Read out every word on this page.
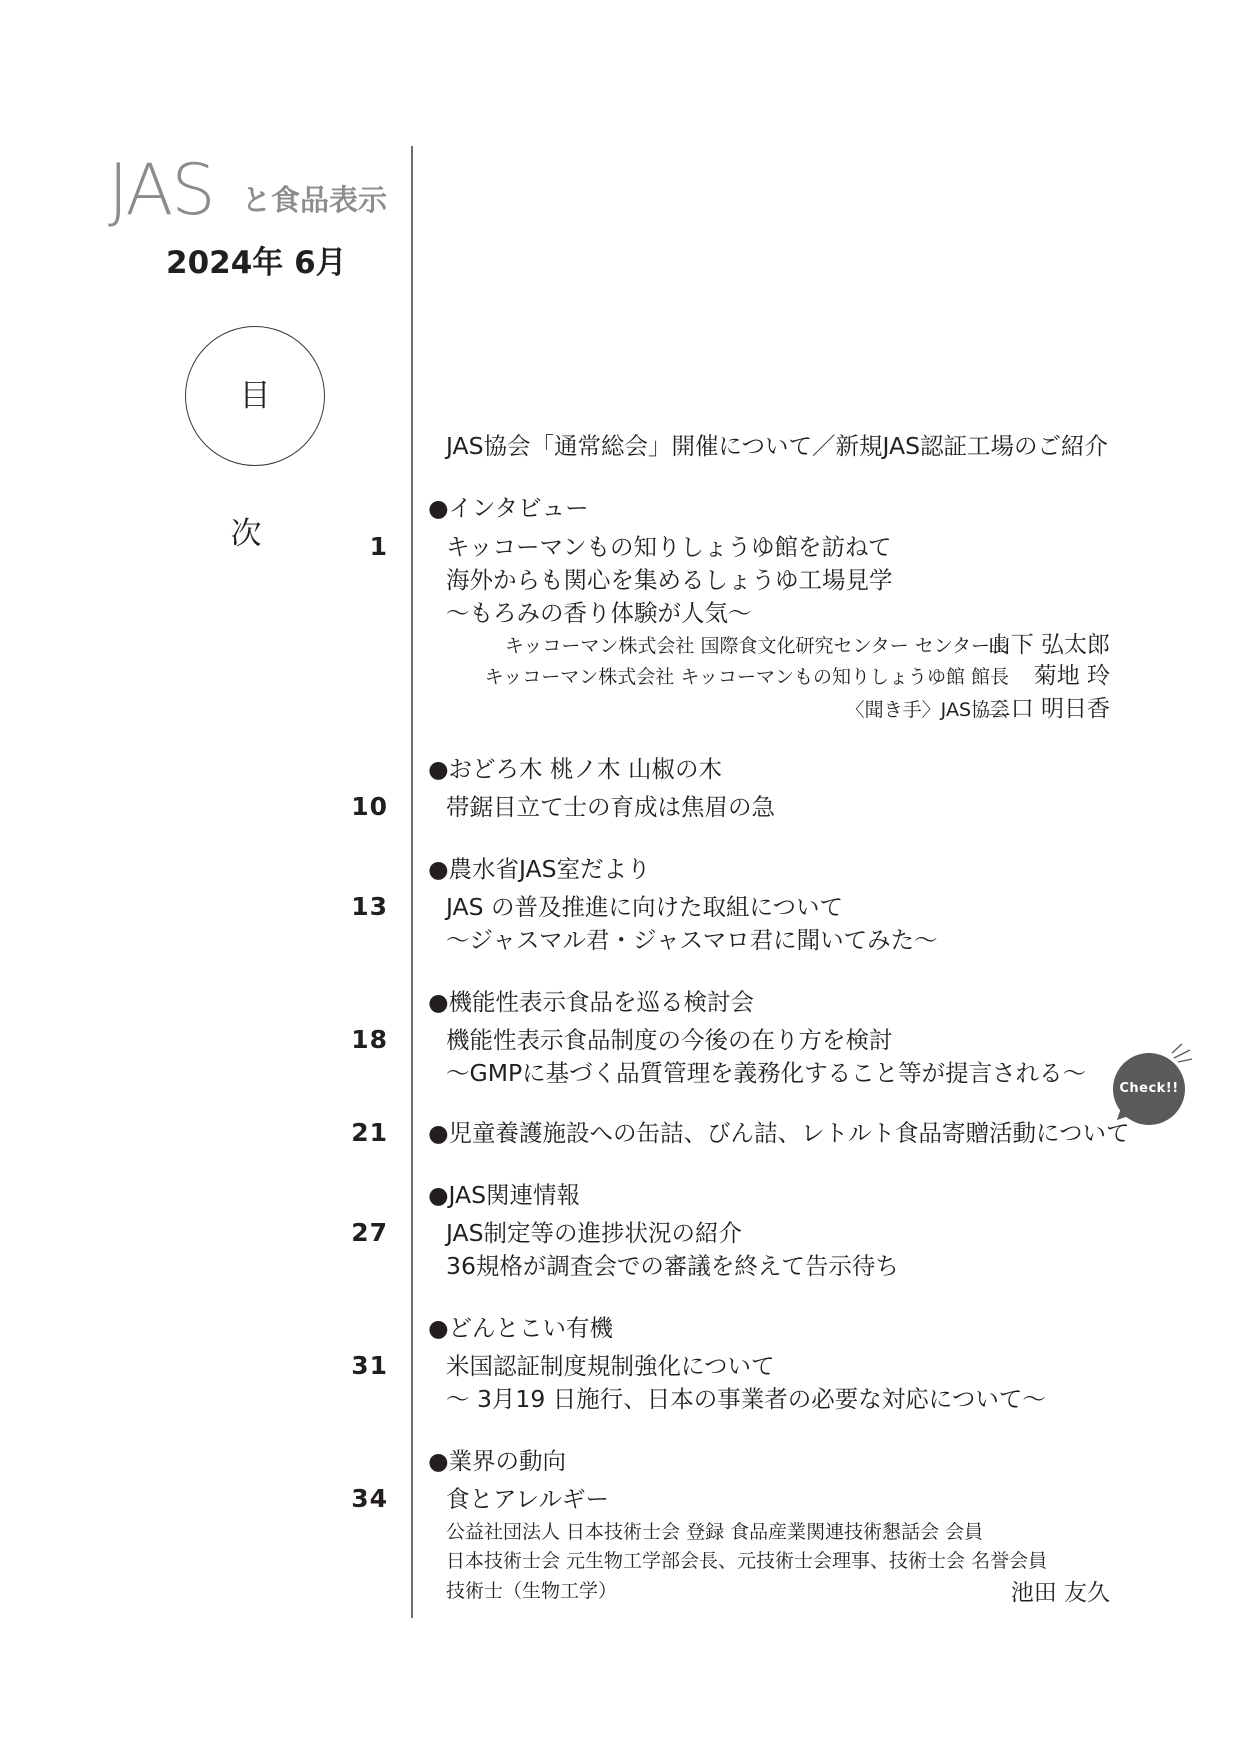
JAS と食品表示
2024年 6月
目 次
JAS協会「通常総会」開催について／新規JAS認証工場のご紹介
●インタビュー
1 キッコーマンもの知りしょうゆ館を訪ねて
海外からも関心を集めるしょうゆ工場見学
〜もろみの香り体験が人気〜
キッコーマン株式会社 国際食文化研究センター センター長
山下 弘太郎
キッコーマン株式会社 キッコーマンもの知りしょうゆ館 館長 菊地 玲
〈聞き手〉JAS協会
二口 明日香
●おどろ木 桃ノ木 山椒の木
10 帯鋸目立て士の育成は焦眉の急
●農水省JAS室だより
13 JAS の普及推進に向けた取組について
〜ジャスマル君・ジャスマロ君に聞いてみた〜
●機能性表示食品を巡る検討会
18 機能性表示食品制度の今後の在り方を検討
〜GMPに基づく品質管理を義務化すること等が提言される〜
Check!!
21 ●児童養護施設への缶詰、びん詰、レトルト食品寄贈活動について
●JAS関連情報
27 JAS制定等の進捗状況の紹介
36規格が調査会での審議を終えて告示待ち
●どんとこい有機
31 米国認証制度規制強化について
〜 3月19 日施行、日本の事業者の必要な対応について〜
●業界の動向
34 食とアレルギー
公益社団法人 日本技術士会 登録 食品産業関連技術懇話会 会員
日本技術士会 元生物工学部会長、元技術士会理事、技術士会 名誉会員
技術士（生物工学）	池田 友久
